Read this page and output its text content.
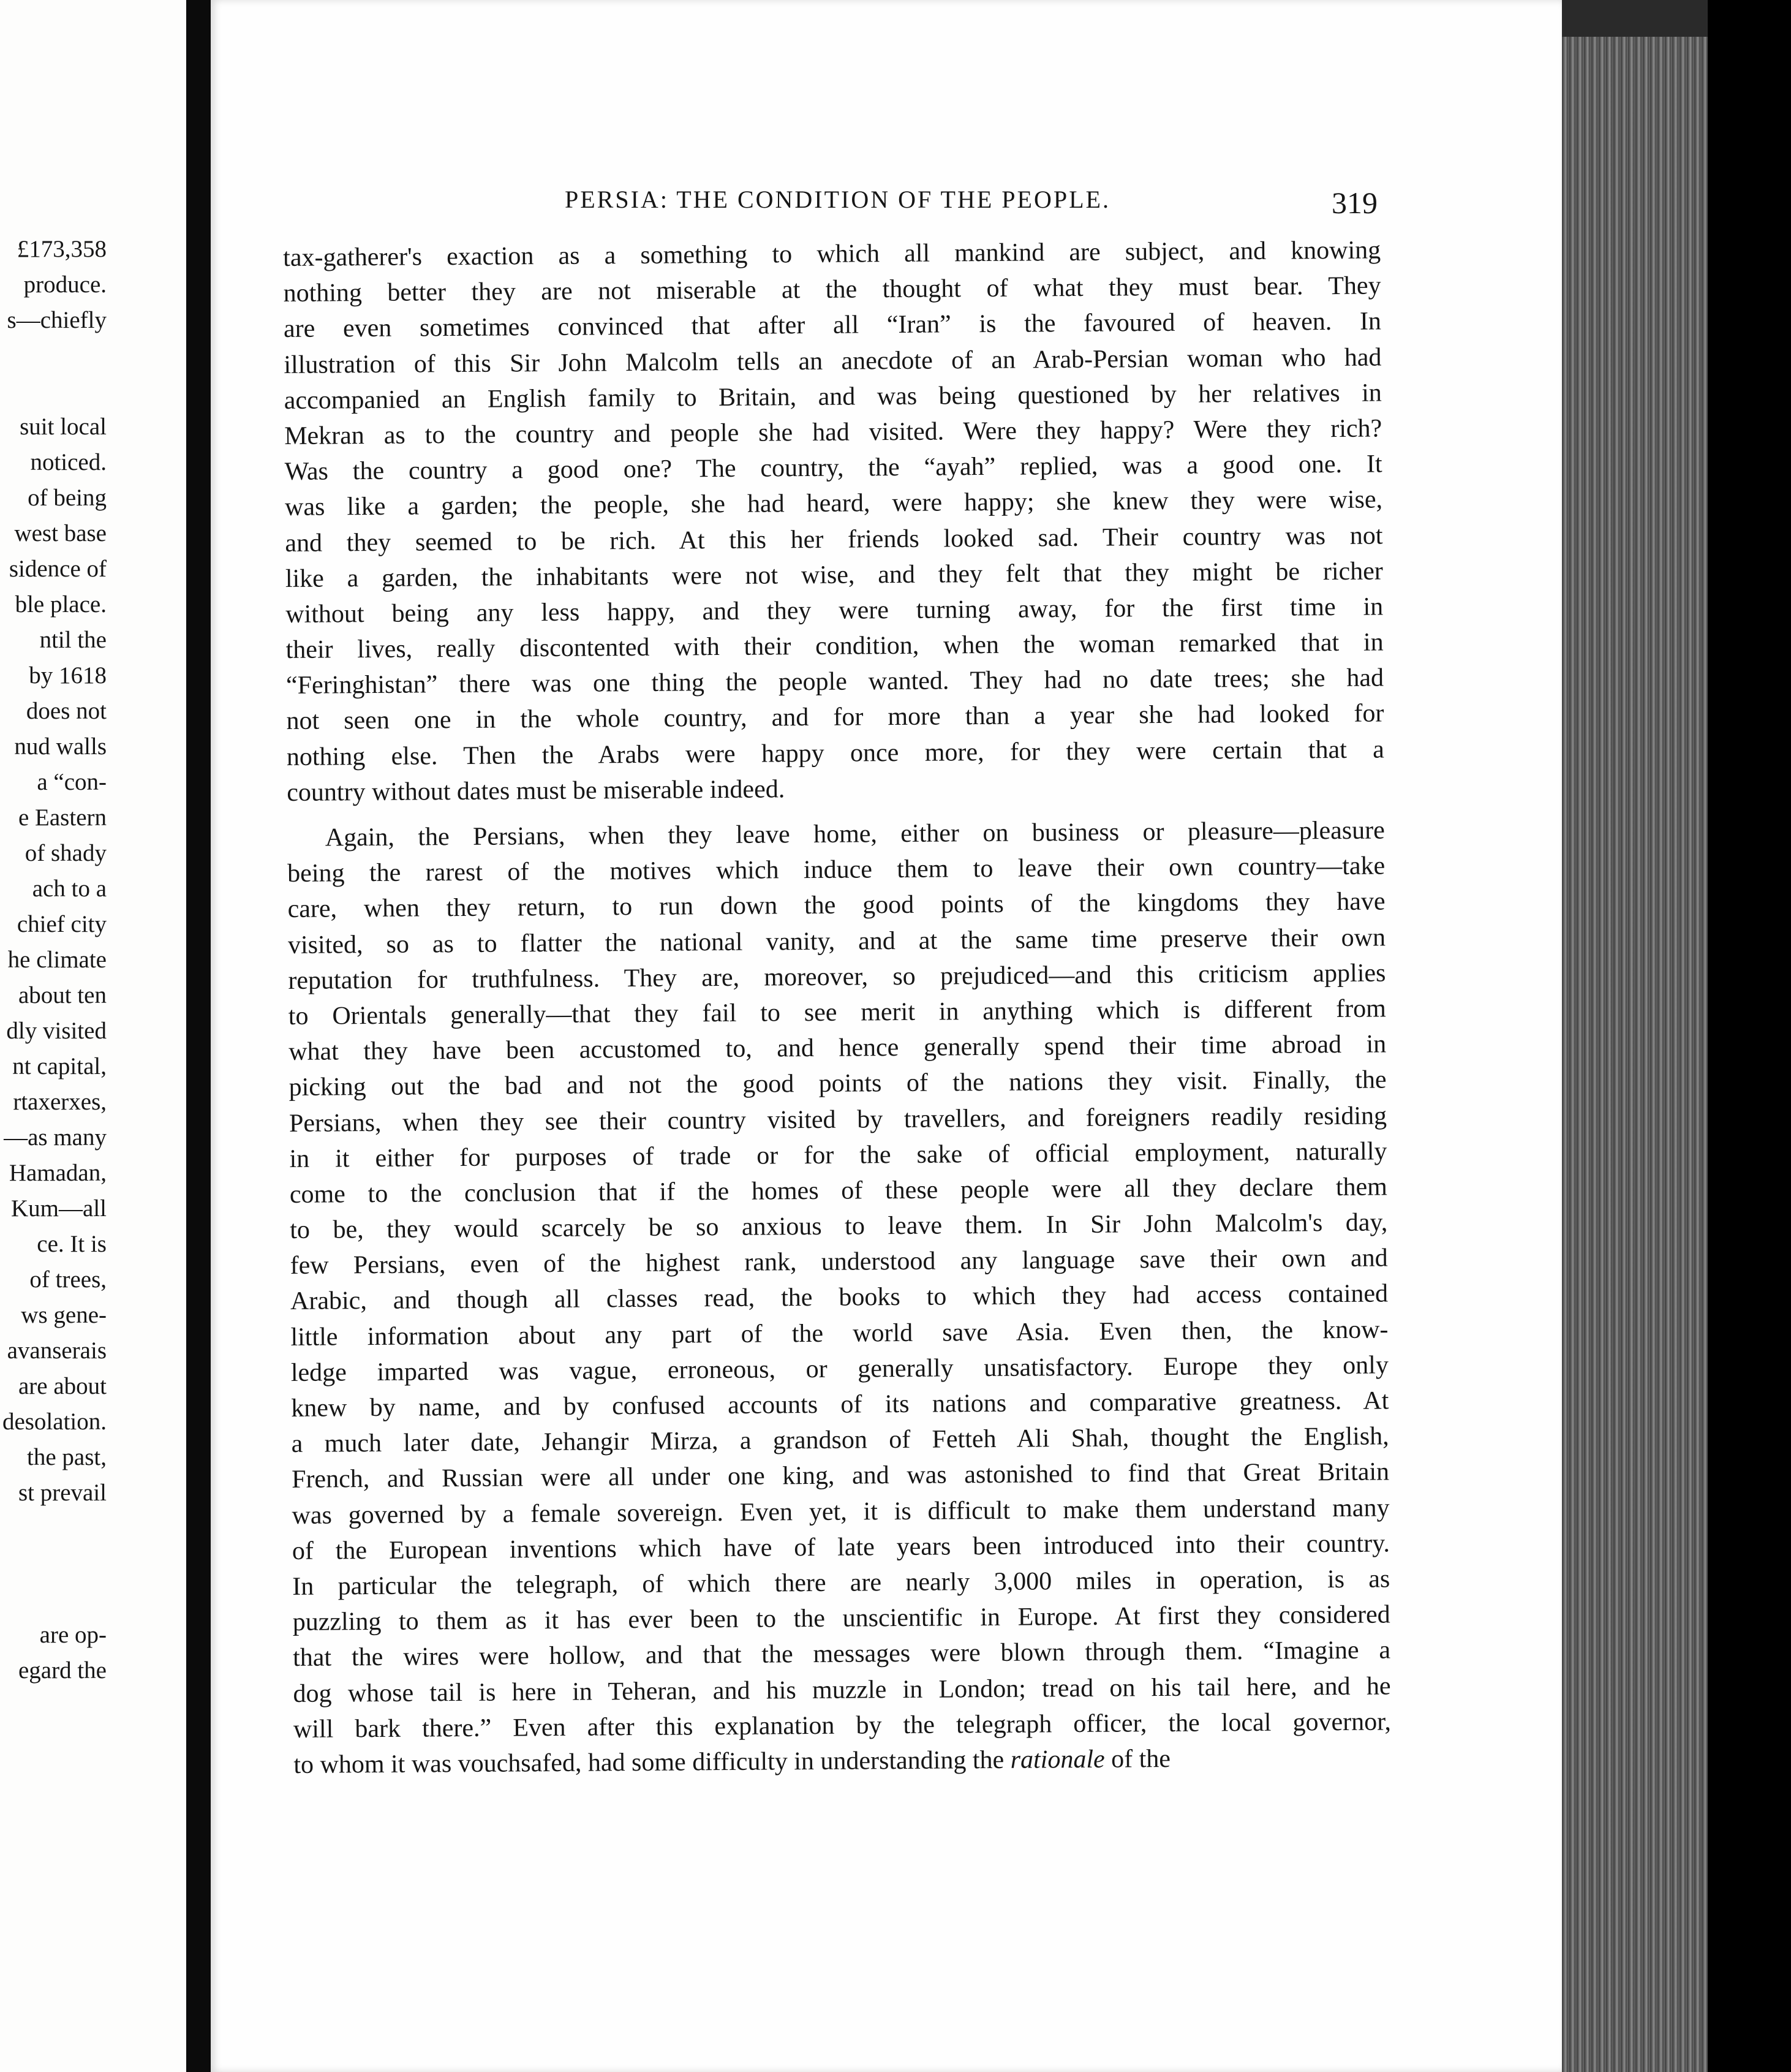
£173,358
produce.
s—chiefly
suit local
noticed.
of being
west base
sidence of
ble place.
ntil the
by 1618
does not
nud walls
a “con-
e Eastern
of shady
ach to a
chief city
he climate
about ten
dly visited
nt capital,
rtaxerxes,
—as many
Hamadan,
Kum—all
ce. It is
of trees,
ws gene-
avanserais
are about
desolation.
the past,
st prevail
are op-
egard the
PERSIA: THE CONDITION OF THE PEOPLE.	319
tax-gatherer's exaction as a something to which all mankind are subject, and knowing
nothing better they are not miserable at the thought of what they must bear. They
are even sometimes convinced that after all “Iran” is the favoured of heaven. In
illustration of this Sir John Malcolm tells an anecdote of an Arab-Persian woman who had
accompanied an English family to Britain, and was being questioned by her relatives in
Mekran as to the country and people she had visited. Were they happy? Were they rich?
Was the country a good one? The country, the “ayah” replied, was a good one. It
was like a garden; the people, she had heard, were happy; she knew they were wise,
and they seemed to be rich. At this her friends looked sad. Their country was not
like a garden, the inhabitants were not wise, and they felt that they might be richer
without being any less happy, and they were turning away, for the first time in
their lives, really discontented with their condition, when the woman remarked that in
“Feringhistan” there was one thing the people wanted. They had no date trees; she had
not seen one in the whole country, and for more than a year she had looked for
nothing else. Then the Arabs were happy once more, for they were certain that a
country without dates must be miserable indeed.
Again, the Persians, when they leave home, either on business or pleasure—pleasure
being the rarest of the motives which induce them to leave their own country—take
care, when they return, to run down the good points of the kingdoms they have
visited, so as to flatter the national vanity, and at the same time preserve their own
reputation for truthfulness. They are, moreover, so prejudiced—and this criticism applies
to Orientals generally—that they fail to see merit in anything which is different from
what they have been accustomed to, and hence generally spend their time abroad in
picking out the bad and not the good points of the nations they visit. Finally, the
Persians, when they see their country visited by travellers, and foreigners readily residing
in it either for purposes of trade or for the sake of official employment, naturally
come to the conclusion that if the homes of these people were all they declare them
to be, they would scarcely be so anxious to leave them. In Sir John Malcolm's day,
few Persians, even of the highest rank, understood any language save their own and
Arabic, and though all classes read, the books to which they had access contained
little information about any part of the world save Asia. Even then, the know-
ledge imparted was vague, erroneous, or generally unsatisfactory. Europe they only
knew by name, and by confused accounts of its nations and comparative greatness. At
a much later date, Jehangir Mirza, a grandson of Fetteh Ali Shah, thought the English,
French, and Russian were all under one king, and was astonished to find that Great Britain
was governed by a female sovereign. Even yet, it is difficult to make them understand many
of the European inventions which have of late years been introduced into their country.
In particular the telegraph, of which there are nearly 3,000 miles in operation, is as
puzzling to them as it has ever been to the unscientific in Europe. At first they considered
that the wires were hollow, and that the messages were blown through them. “Imagine a
dog whose tail is here in Teheran, and his muzzle in London; tread on his tail here, and he
will bark there.” Even after this explanation by the telegraph officer, the local governor,
to whom it was vouchsafed, had some difficulty in understanding the rationale of the
